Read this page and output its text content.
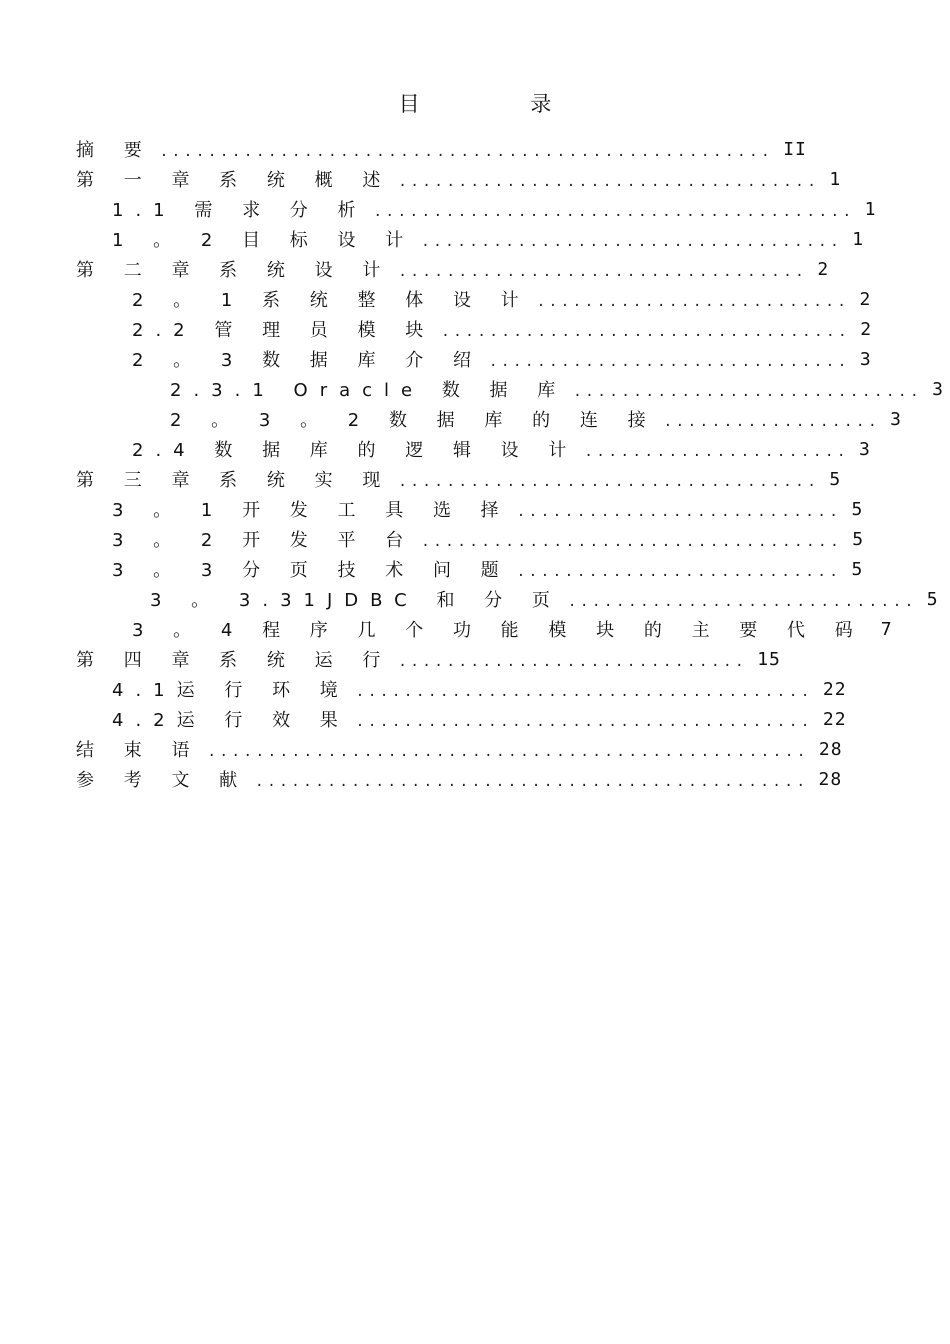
目 录
摘 要 ................................................... II
第 一 章 系 统 概 述 ................................... 1
1.1 需 求 分 析 ........................................ 1
1 。 2 目 标 设 计 ................................... 1
第 二 章 系 统 设 计 .................................. 2
2 。 1 系 统 整 体 设 计 .......................... 2
2.2 管 理 员 模 块 .................................. 2
2 。 3 数 据 库 介 绍 .............................. 3
2.3.1 Oracle 数 据 库 ............................. 3
2 。 3 。 2 数 据 库 的 连 接 .................. 3
2.4 数 据 库 的 逻 辑 设 计 ...................... 3
第 三 章 系 统 实 现 ................................... 5
3 。 1 开 发 工 具 选 择 ........................... 5
3 。 2 开 发 平 台 ................................... 5
3 。 3 分 页 技 术 问 题 ........................... 5
3 。 3.31JDBC 和 分 页 ............................. 5
3 。 4 程 序 几 个 功 能 模 块 的 主 要 代 码 7
第 四 章 系 统 运 行 ............................. 15
4.1运 行 环 境 ...................................... 22
4.2运 行 效 果 ...................................... 22
结 束 语 .................................................. 28
参 考 文 献 .............................................. 28
